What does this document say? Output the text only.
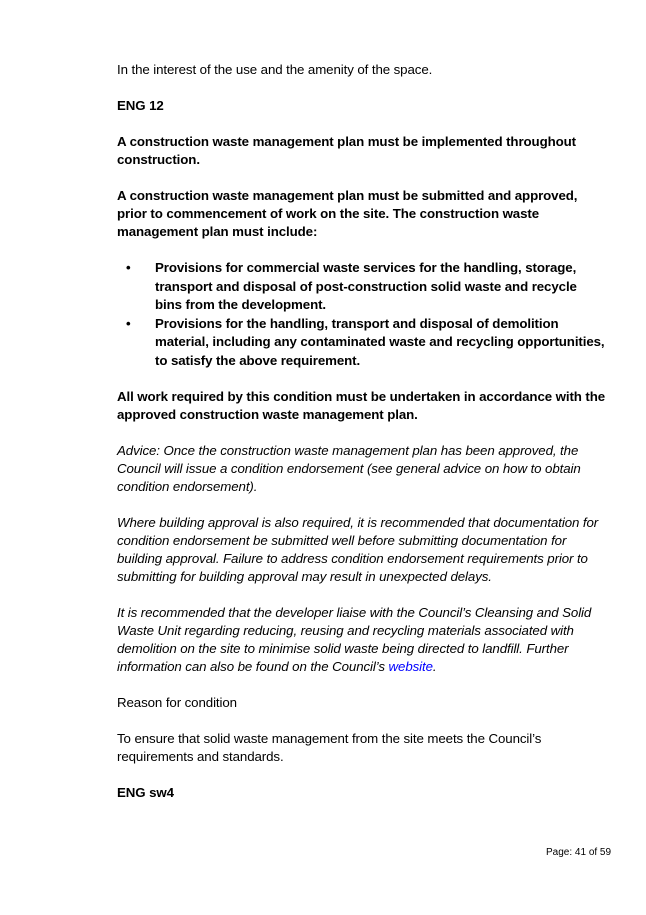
In the interest of the use and the amenity of the space.

ENG 12

A construction waste management plan must be implemented throughout construction.

A construction waste management plan must be submitted and approved, prior to commencement of work on the site. The construction waste management plan must include:

• Provisions for commercial waste services for the handling, storage, transport and disposal of post-construction solid waste and recycle bins from the development.
• Provisions for the handling, transport and disposal of demolition material, including any contaminated waste and recycling opportunities, to satisfy the above requirement.

All work required by this condition must be undertaken in accordance with the approved construction waste management plan.

Advice: Once the construction waste management plan has been approved, the Council will issue a condition endorsement (see general advice on how to obtain condition endorsement).

Where building approval is also required, it is recommended that documentation for condition endorsement be submitted well before submitting documentation for building approval. Failure to address condition endorsement requirements prior to submitting for building approval may result in unexpected delays.

It is recommended that the developer liaise with the Council’s Cleansing and Solid Waste Unit regarding reducing, reusing and recycling materials associated with demolition on the site to minimise solid waste being directed to landfill. Further information can also be found on the Council’s website.

Reason for condition

To ensure that solid waste management from the site meets the Council’s requirements and standards.

ENG sw4

Page: 41 of 59
